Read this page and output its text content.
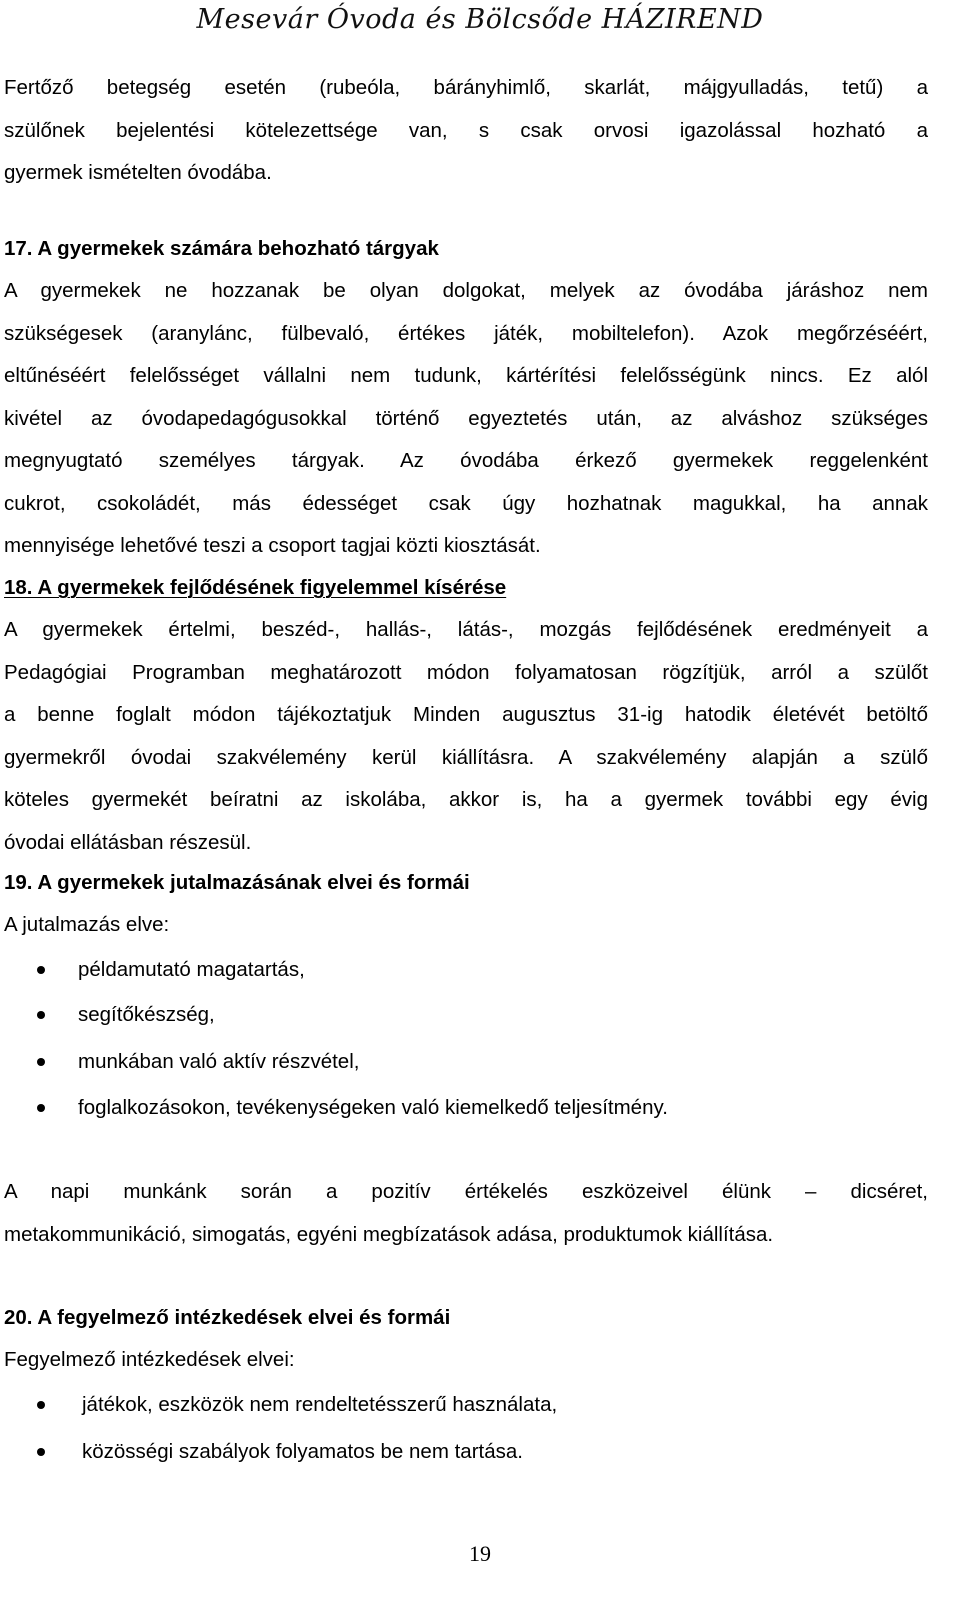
Mesevár Óvoda és Bölcsőde HÁZIREND
Fertőző betegség esetén (rubeóla, bárányhimlő, skarlát, májgyulladás, tetű) a
szülőnek bejelentési kötelezettsége van, s csak orvosi igazolással hozható a
gyermek ismételten óvodába.
17. A gyermekek számára behozható tárgyak
A gyermekek ne hozzanak be olyan dolgokat, melyek az óvodába járáshoz nem
szükségesek (aranylánc, fülbevaló, értékes játék, mobiltelefon). Azok megőrzéséért,
eltűnéséért felelősséget vállalni nem tudunk, kártérítési felelősségünk nincs. Ez alól
kivétel az óvodapedagógusokkal történő egyeztetés után, az alváshoz szükséges
megnyugtató személyes tárgyak. Az óvodába érkező gyermekek reggelenként
cukrot, csokoládét, más édességet csak úgy hozhatnak magukkal, ha annak
mennyisége lehetővé teszi a csoport tagjai közti kiosztását.
18. A gyermekek fejlődésének figyelemmel kísérése
A gyermekek értelmi, beszéd-, hallás-, látás-, mozgás fejlődésének eredményeit a
Pedagógiai Programban meghatározott módon folyamatosan rögzítjük, arról a szülőt
a benne foglalt módon tájékoztatjuk Minden augusztus 31-ig hatodik életévét betöltő
gyermekről óvodai szakvélemény kerül kiállításra. A szakvélemény alapján a szülő
köteles gyermekét beíratni az iskolába, akkor is, ha a gyermek további egy évig
óvodai ellátásban részesül.
19. A gyermekek jutalmazásának elvei és formái
A jutalmazás elve:
példamutató magatartás,
segítőkészség,
munkában való aktív részvétel,
foglalkozásokon, tevékenységeken való kiemelkedő teljesítmény.
A napi munkánk során a pozitív értékelés eszközeivel élünk – dicséret,
metakommunikáció, simogatás, egyéni megbízatások adása, produktumok kiállítása.
20. A fegyelmező intézkedések elvei és formái
Fegyelmező intézkedések elvei:
játékok, eszközök nem rendeltetésszerű használata,
közösségi szabályok folyamatos be nem tartása.
19
